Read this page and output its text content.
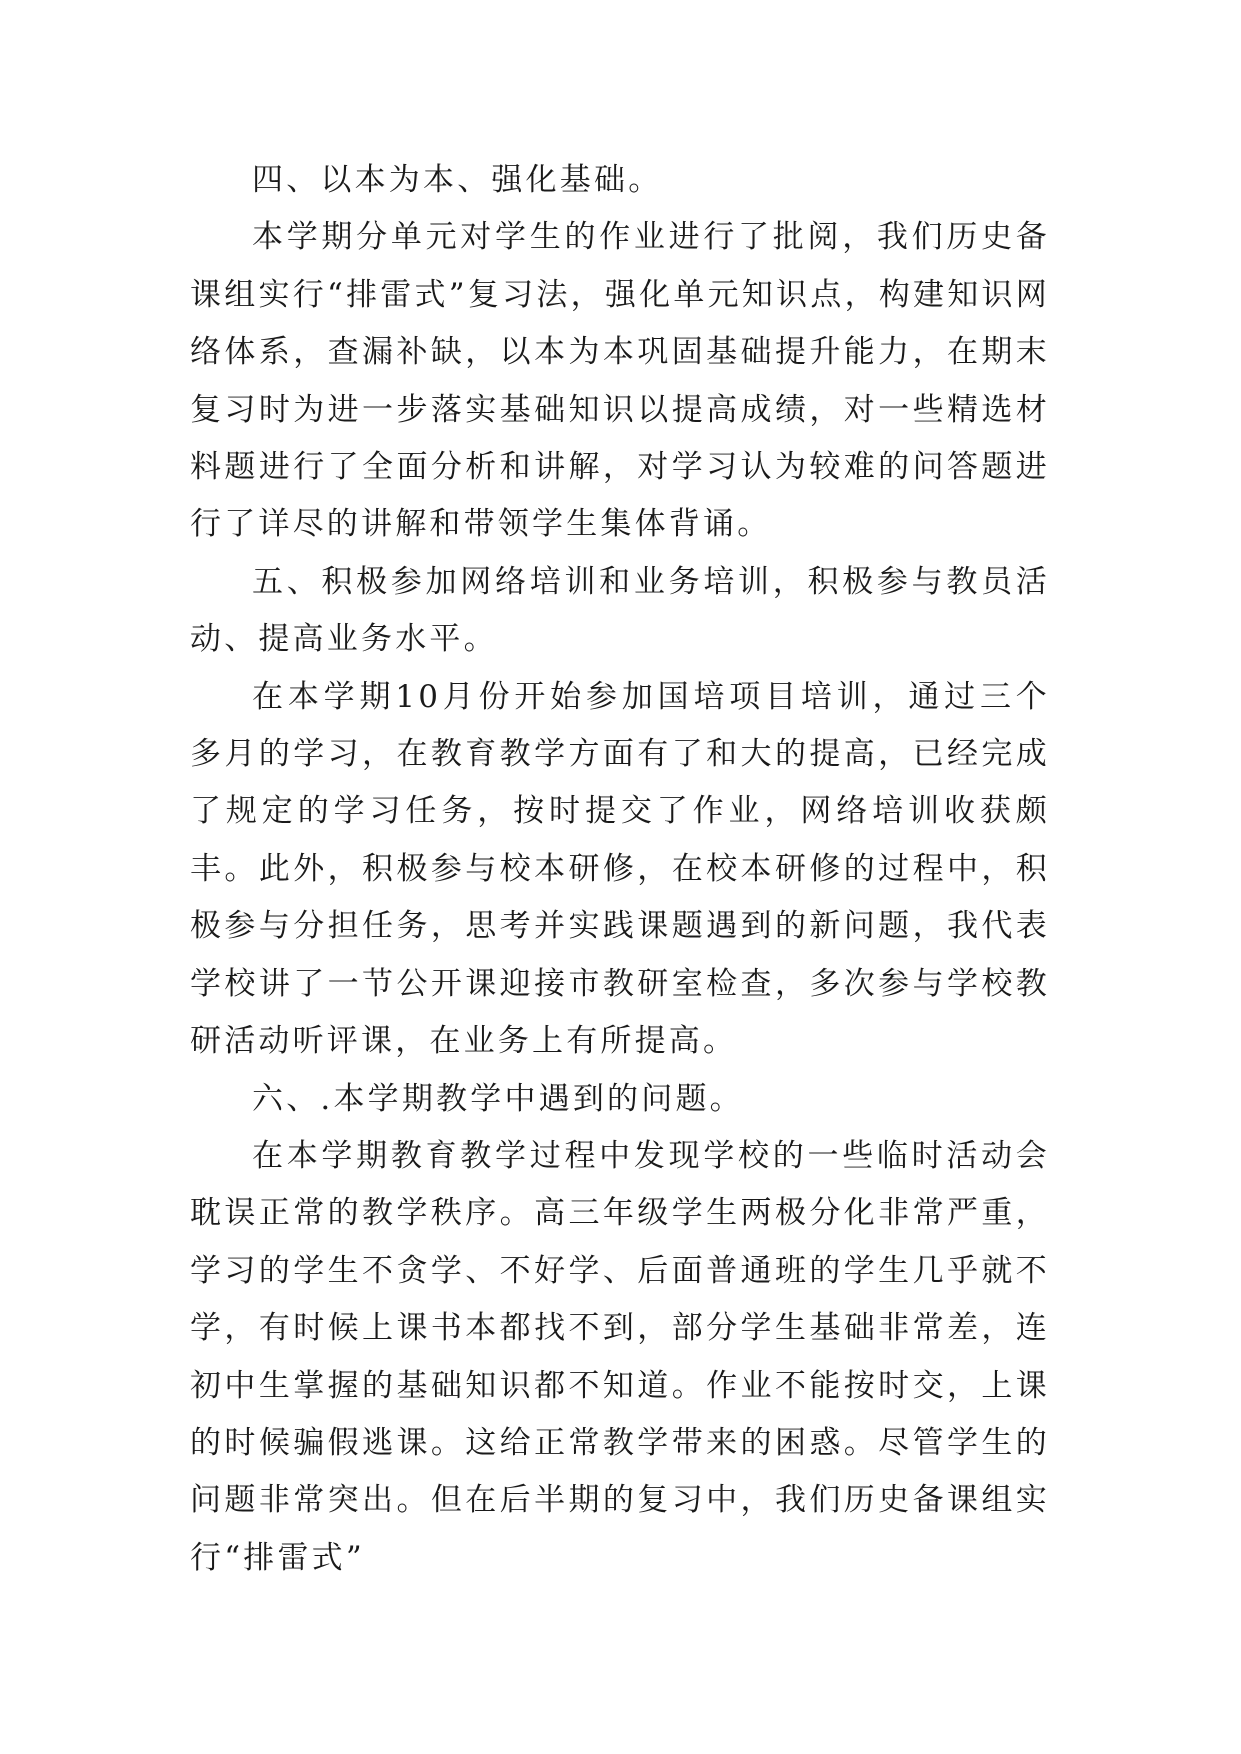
四、以本为本、强化基础。

本学期分单元对学生的作业进行了批阅，我们历史备课组实行“排雷式”复习法，强化单元知识点，构建知识网络体系，查漏补缺，以本为本巩固基础提升能力，在期末复习时为进一步落实基础知识以提高成绩，对一些精选材料题进行了全面分析和讲解，对学习认为较难的问答题进行了详尽的讲解和带领学生集体背诵。

五、积极参加网络培训和业务培训，积极参与教员活动、提高业务水平。

在本学期10月份开始参加国培项目培训，通过三个多月的学习，在教育教学方面有了和大的提高，已经完成了规定的学习任务，按时提交了作业，网络培训收获颇丰。此外，积极参与校本研修，在校本研修的过程中，积极参与分担任务，思考并实践课题遇到的新问题，我代表学校讲了一节公开课迎接市教研室检查，多次参与学校教研活动听评课，在业务上有所提高。

六、.本学期教学中遇到的问题。

在本学期教育教学过程中发现学校的一些临时活动会耽误正常的教学秩序。高三年级学生两极分化非常严重，学习的学生不贪学、不好学、后面普通班的学生几乎就不学，有时候上课书本都找不到，部分学生基础非常差，连初中生掌握的基础知识都不知道。作业不能按时交，上课的时候骗假逃课。这给正常教学带来的困惑。尽管学生的问题非常突出。但在后半期的复习中，我们历史备课组实行“排雷式”
